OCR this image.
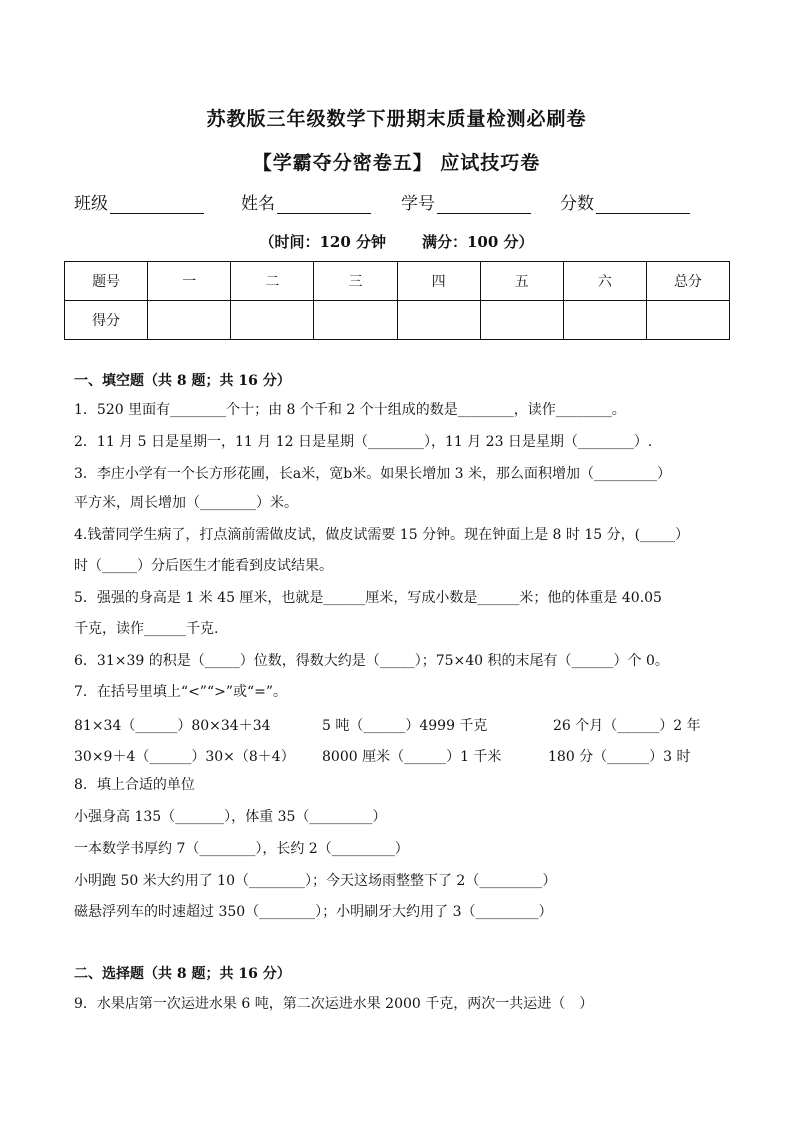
苏教版三年级数学下册期末质量检测必刷卷
【学霸夺分密卷五】 应试技巧卷
班级	姓名	学号	分数
（时间：120 分钟 满分：100 分）
题号	一	二	三	四	五	六	总分
得分							
一、填空题（共 8 题；共 16 分）
1．520 里面有________个十；由 8 个千和 2 个十组成的数是________，读作________。
2．11 月 5 日是星期一，11 月 12 日是星期（________），11 月 23 日是星期（________）.
3．李庄小学有一个长方形花圃，长a米，宽b米。如果长增加 3 米，那么面积增加（_________）
平方米，周长增加（________）米。
4.钱蕾同学生病了，打点滴前需做皮试，做皮试需要 15 分钟。现在钟面上是 8 时 15 分，(_____）
时（_____）分后医生才能看到皮试结果。
5．强强的身高是 1 米 45 厘米，也就是______厘米，写成小数是______米；他的体重是 40.05
千克，读作______千克.
6．31×39 的积是（_____）位数，得数大约是（_____）；75×40 积的末尾有（______）个 0。
7．在括号里填上“<”“>”或“=”。
81×34（______）80×34＋34	5 吨（______）4999 千克	26 个月（______）2 年
30×9＋4（______）30×（8＋4） 8000 厘米（______）1 千米	180 分（______）3 时
8．填上合适的单位
小强身高 135（_______），体重 35（_________）
一本数学书厚约 7（________），长约 2（_________）
小明跑 50 米大约用了 10（________）；今天这场雨整整下了 2（_________）
磁悬浮列车的时速超过 350（________）；小明刷牙大约用了 3（_________）
二、选择题（共 8 题；共 16 分）
9．水果店第一次运进水果 6 吨，第二次运进水果 2000 千克，两次一共运进（　）
